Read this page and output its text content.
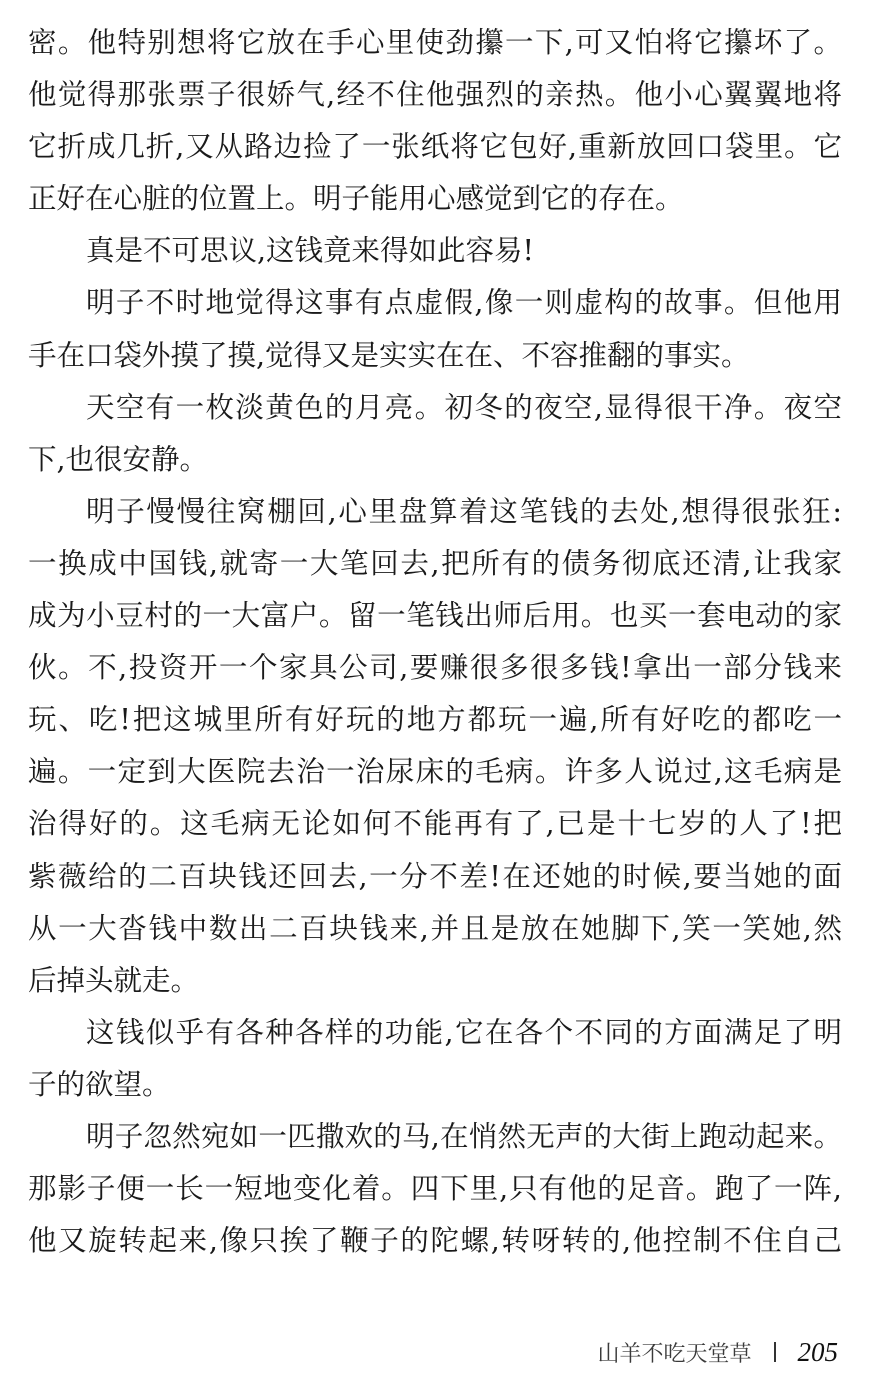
密。他特别想将它放在手心里使劲攥一下,可又怕将它攥坏了。
他觉得那张票子很娇气,经不住他强烈的亲热。他小心翼翼地将
它折成几折,又从路边捡了一张纸将它包好,重新放回口袋里。它
正好在心脏的位置上。明子能用心感觉到它的存在。
真是不可思议,这钱竟来得如此容易!
明子不时地觉得这事有点虚假,像一则虚构的故事。但他用
手在口袋外摸了摸,觉得又是实实在在、不容推翻的事实。
天空有一枚淡黄色的月亮。初冬的夜空,显得很干净。夜空
下,也很安静。
明子慢慢往窝棚回,心里盘算着这笔钱的去处,想得很张狂:
一换成中国钱,就寄一大笔回去,把所有的债务彻底还清,让我家
成为小豆村的一大富户。留一笔钱出师后用。也买一套电动的家
伙。不,投资开一个家具公司,要赚很多很多钱!拿出一部分钱来
玩、吃!把这城里所有好玩的地方都玩一遍,所有好吃的都吃一
遍。一定到大医院去治一治尿床的毛病。许多人说过,这毛病是
治得好的。这毛病无论如何不能再有了,已是十七岁的人了!把
紫薇给的二百块钱还回去,一分不差!在还她的时候,要当她的面
从一大沓钱中数出二百块钱来,并且是放在她脚下,笑一笑她,然
后掉头就走。
这钱似乎有各种各样的功能,它在各个不同的方面满足了明
子的欲望。
明子忽然宛如一匹撒欢的马,在悄然无声的大街上跑动起来。
那影子便一长一短地变化着。四下里,只有他的足音。跑了一阵,
他又旋转起来,像只挨了鞭子的陀螺,转呀转的,他控制不住自己
山羊不吃天堂草 205
